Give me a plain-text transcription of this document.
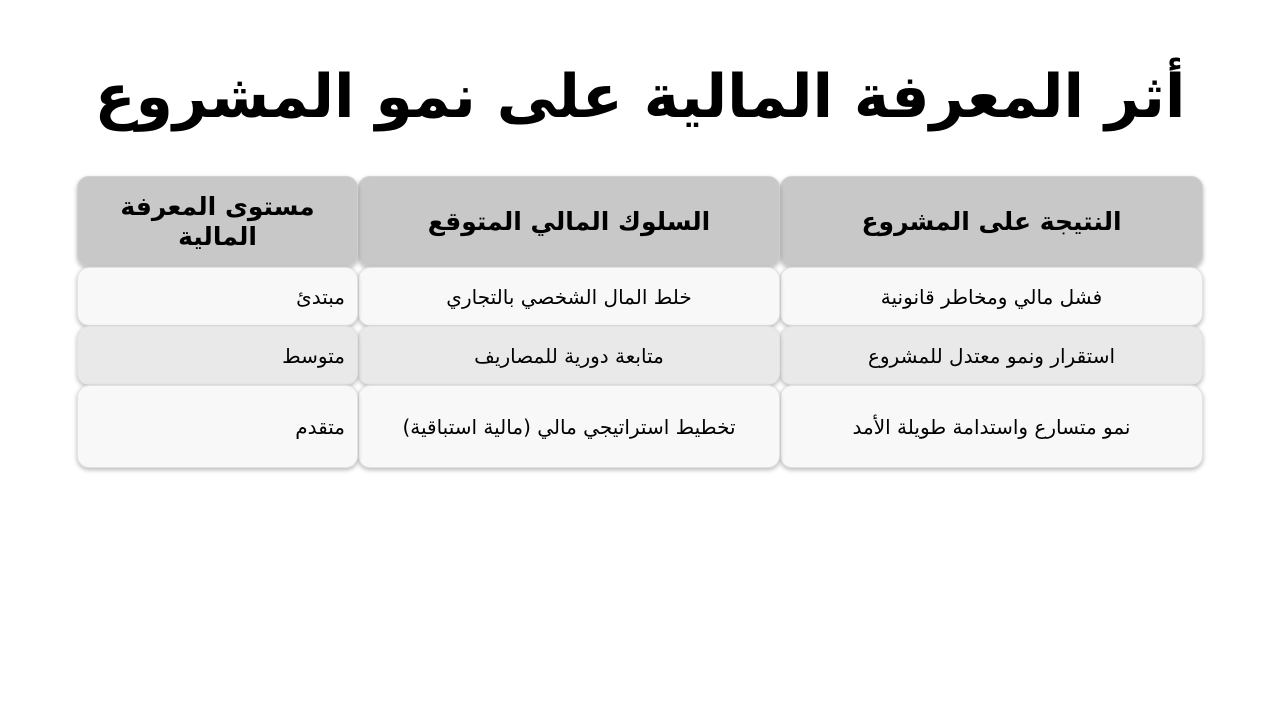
أثر المعرفة المالية على نمو المشروع
النتيجة على المشروع
السلوك المالي المتوقع
مستوى المعرفة المالية
فشل مالي ومخاطر قانونية
خلط المال الشخصي بالتجاري
مبتدئ
استقرار ونمو معتدل للمشروع
متابعة دورية للمصاريف
متوسط
نمو متسارع واستدامة طويلة الأمد
تخطيط استراتيجي مالي (مالية استباقية)
متقدم
